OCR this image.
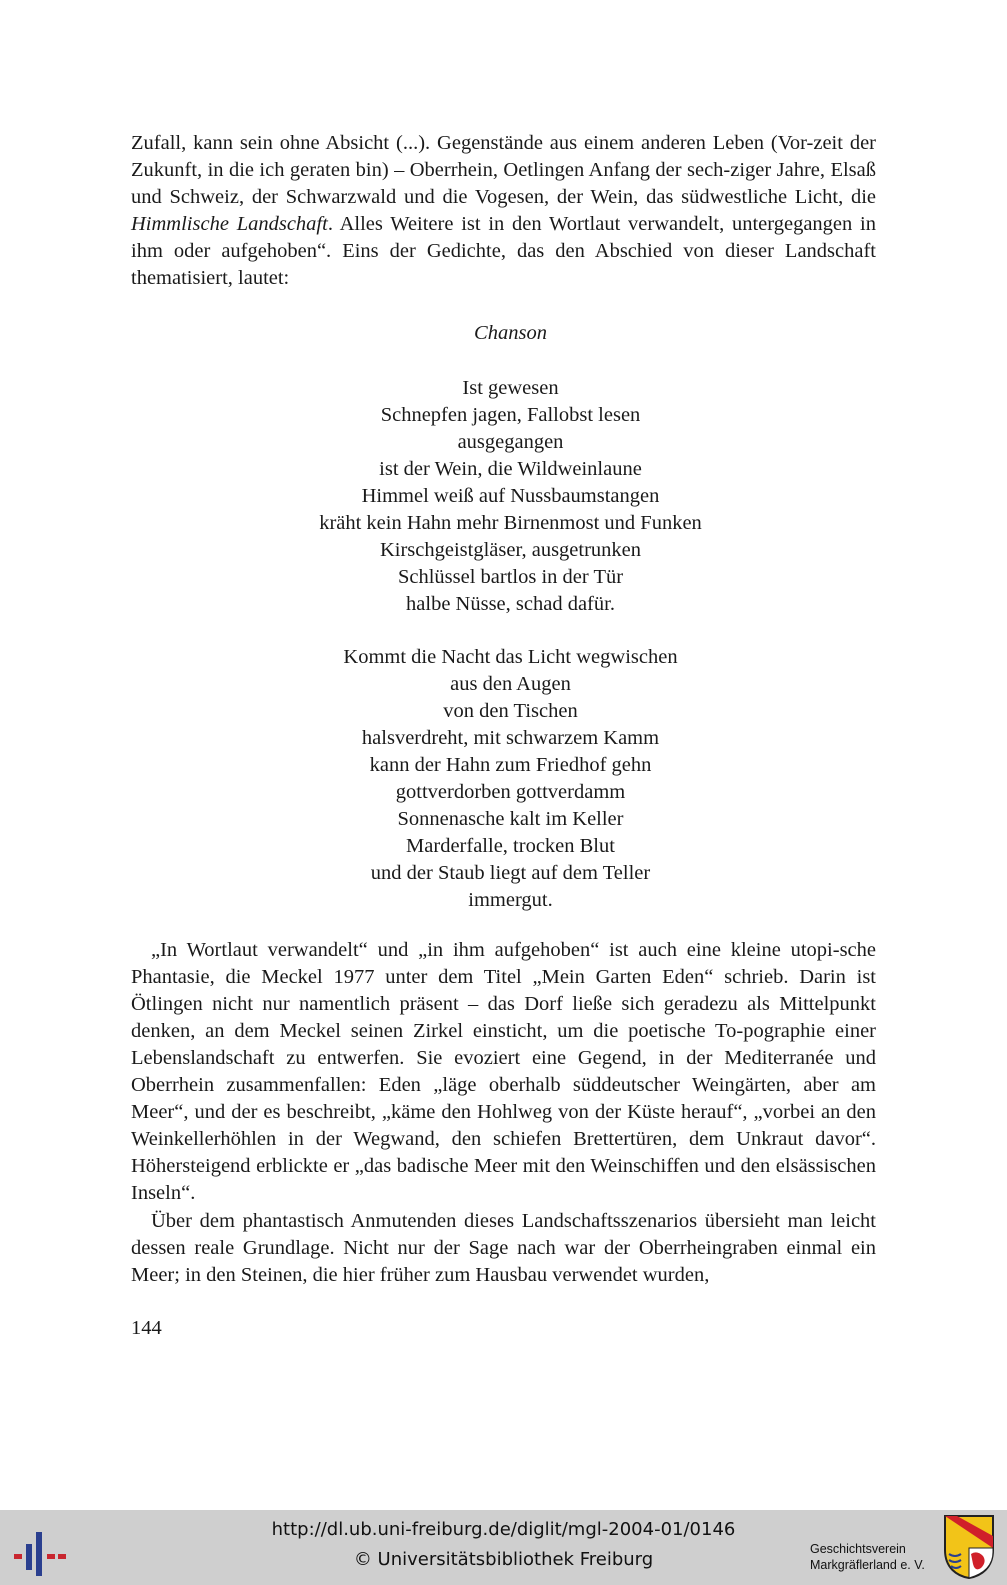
Zufall, kann sein ohne Absicht (...). Gegenstände aus einem anderen Leben (Vor-zeit der Zukunft, in die ich geraten bin) – Oberrhein, Oetlingen Anfang der sech-ziger Jahre, Elsaß und Schweiz, der Schwarzwald und die Vogesen, der Wein, das südwestliche Licht, die Himmlische Landschaft. Alles Weitere ist in den Wortlaut verwandelt, untergegangen in ihm oder aufgehoben“. Eins der Gedichte, das den Abschied von dieser Landschaft thematisiert, lautet:

Chanson

Ist gewesen
Schnepfen jagen, Fallobst lesen
ausgegangen
ist der Wein, die Wildweinlaune
Himmel weiß auf Nussbaumstangen
kräht kein Hahn mehr Birnenmost und Funken
Kirschgeistgläser, ausgetrunken
Schlüssel bartlos in der Tür
halbe Nüsse, schad dafür.
Kommt die Nacht das Licht wegwischen
aus den Augen
von den Tischen
halsverdreht, mit schwarzem Kamm
kann der Hahn zum Friedhof gehn
gottverdorben gottverdamm
Sonnenasche kalt im Keller
Marderfalle, trocken Blut
und der Staub liegt auf dem Teller
immergut.

„In Wortlaut verwandelt“ und „in ihm aufgehoben“ ist auch eine kleine utopi-sche Phantasie, die Meckel 1977 unter dem Titel „Mein Garten Eden“ schrieb. Darin ist Ötlingen nicht nur namentlich präsent – das Dorf ließe sich geradezu als Mittelpunkt denken, an dem Meckel seinen Zirkel einsticht, um die poetische To-pographie einer Lebenslandschaft zu entwerfen. Sie evoziert eine Gegend, in der Mediterranée und Oberrhein zusammenfallen: Eden „läge oberhalb süddeutscher Weingärten, aber am Meer“, und der es beschreibt, „käme den Hohlweg von der Küste herauf“, „vorbei an den Weinkellerhöhlen in der Wegwand, den schiefen Brettertüren, dem Unkraut davor“. Höhersteigend erblickte er „das badische Meer mit den Weinschiffen und den elsässischen Inseln“.

Über dem phantastisch Anmutenden dieses Landschaftsszenarios übersieht man leicht dessen reale Grundlage. Nicht nur der Sage nach war der Oberrheingraben einmal ein Meer; in den Steinen, die hier früher zum Hausbau verwendet wurden,

144
http://dl.ub.uni-freiburg.de/diglit/mgl-2004-01/0146
© Universitätsbibliothek Freiburg	Geschichtsverein
Markgräflerland e. V.
